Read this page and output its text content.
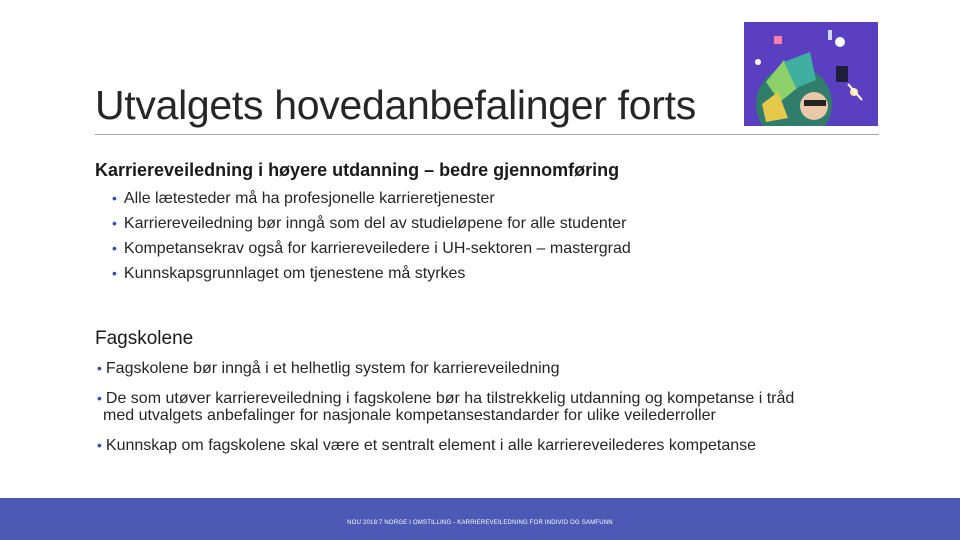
Utvalgets hovedanbefalinger forts
Karriereveiledning i høyere utdanning – bedre gjennomføring
• Alle lætesteder må ha profesjonelle karrieretjenester
• Karriereveiledning bør inngå som del av studieløpene for alle studenter
• Kompetansekrav også for karriereveiledere i UH-sektoren – mastergrad
• Kunnskapsgrunnlaget om tjenestene må styrkes
Fagskolene
• Fagskolene bør inngå i et helhetlig system for karriereveiledning
• De som utøver karriereveiledning i fagskolene bør ha tilstrekkelig utdanning og kompetanse i tråd
med utvalgets anbefalinger for nasjonale kompetansestandarder for ulike veilederroller
• Kunnskap om fagskolene skal være et sentralt element i alle karriereveilederes kompetanse
NOU 2018:7 NORGE I OMSTILLING - KARRIEREVEILEDNING FOR INDIVID OG SAMFUNN
